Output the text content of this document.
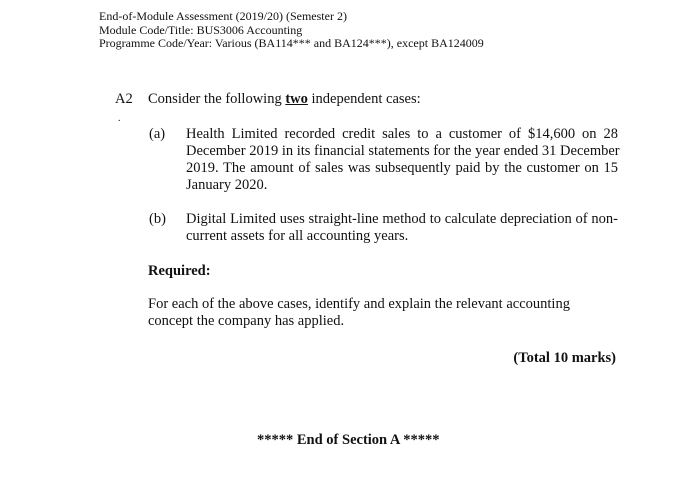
End-of-Module Assessment (2019/20) (Semester 2)
Module Code/Title: BUS3006 Accounting
Programme Code/Year: Various (BA114*** and BA124***), except BA124009
A2 Consider the following two independent cases:
.
(a) Health Limited recorded credit sales to a customer of $14,600 on 28
December 2019 in its financial statements for the year ended 31 December
2019. The amount of sales was subsequently paid by the customer on 15
January 2020.
(b) Digital Limited uses straight-line method to calculate depreciation of non-
current assets for all accounting years.
Required:
For each of the above cases, identify and explain the relevant accounting concept the company has applied.
(Total 10 marks)
***** End of Section A *****
